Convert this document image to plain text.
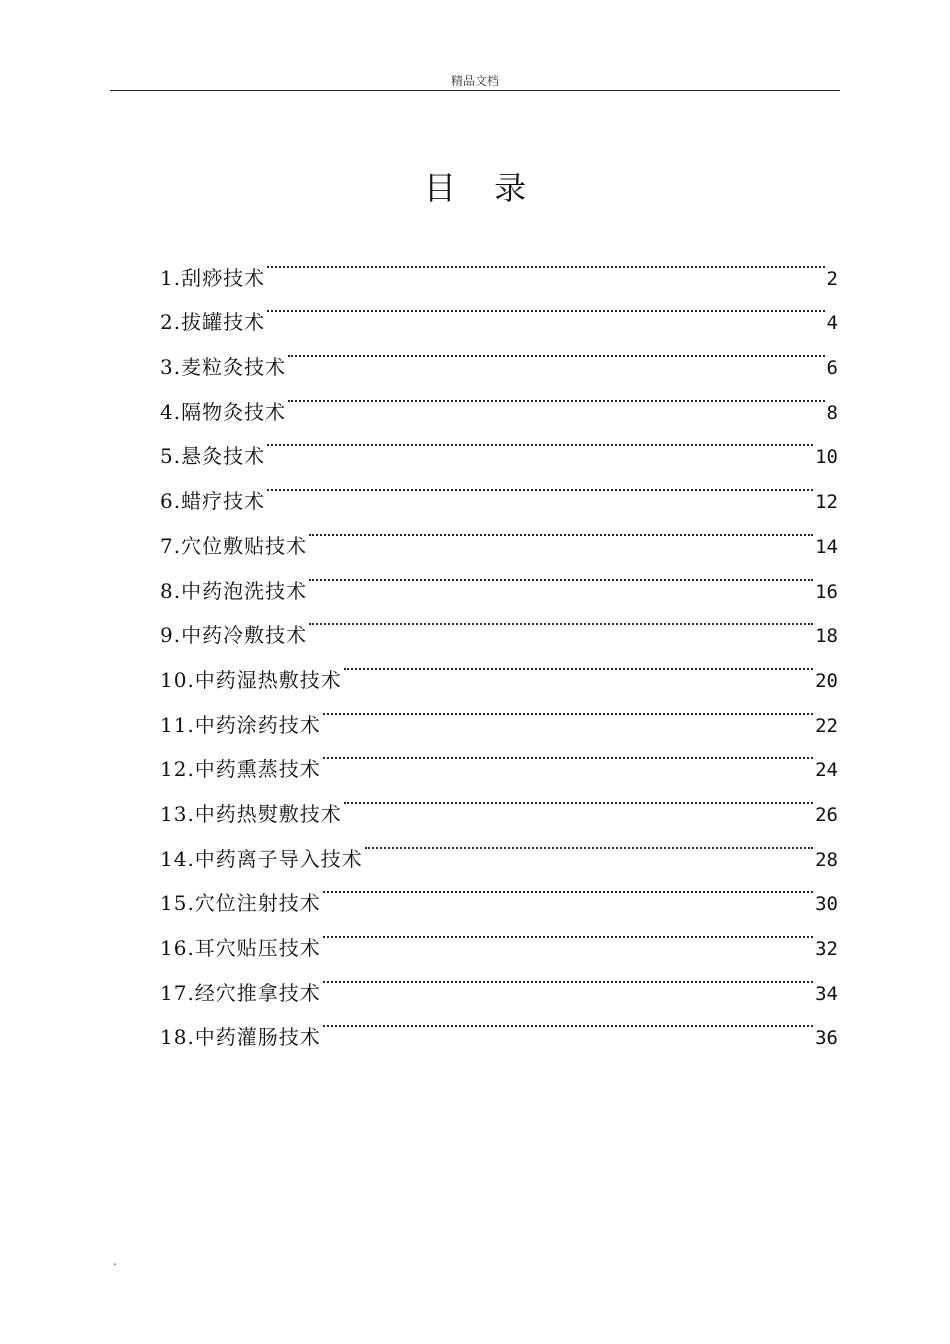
精品文档
目 录
1.刮痧技术	2
2.拔罐技术	4
3.麦粒灸技术	6
4.隔物灸技术	8
5.悬灸技术	10
6.蜡疗技术	12
7.穴位敷贴技术	14
8.中药泡洗技术	16
9.中药冷敷技术	18
10.中药湿热敷技术	20
11.中药涂药技术	22
12.中药熏蒸技术	24
13.中药热熨敷技术	26
14.中药离子导入技术	28
15.穴位注射技术	30
16.耳穴贴压技术	32
17.经穴推拿技术	34
18.中药灌肠技术	36
.
